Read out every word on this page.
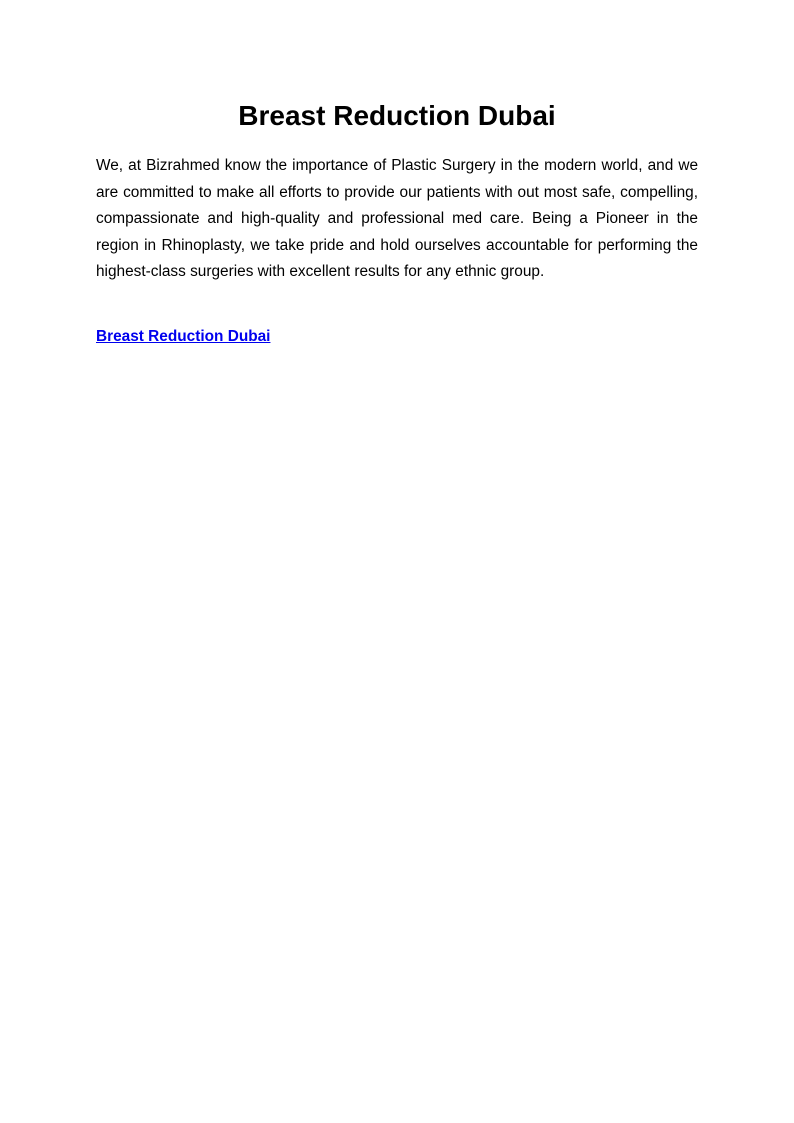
Breast Reduction Dubai

We, at Bizrahmed know the importance of Plastic Surgery in the modern world, and we are committed to make all efforts to provide our patients with out most safe, compelling, compassionate and high-quality and professional med care. Being a Pioneer in the region in Rhinoplasty, we take pride and hold ourselves accountable for performing the highest-class surgeries with excellent results for any ethnic group.

Breast Reduction Dubai
